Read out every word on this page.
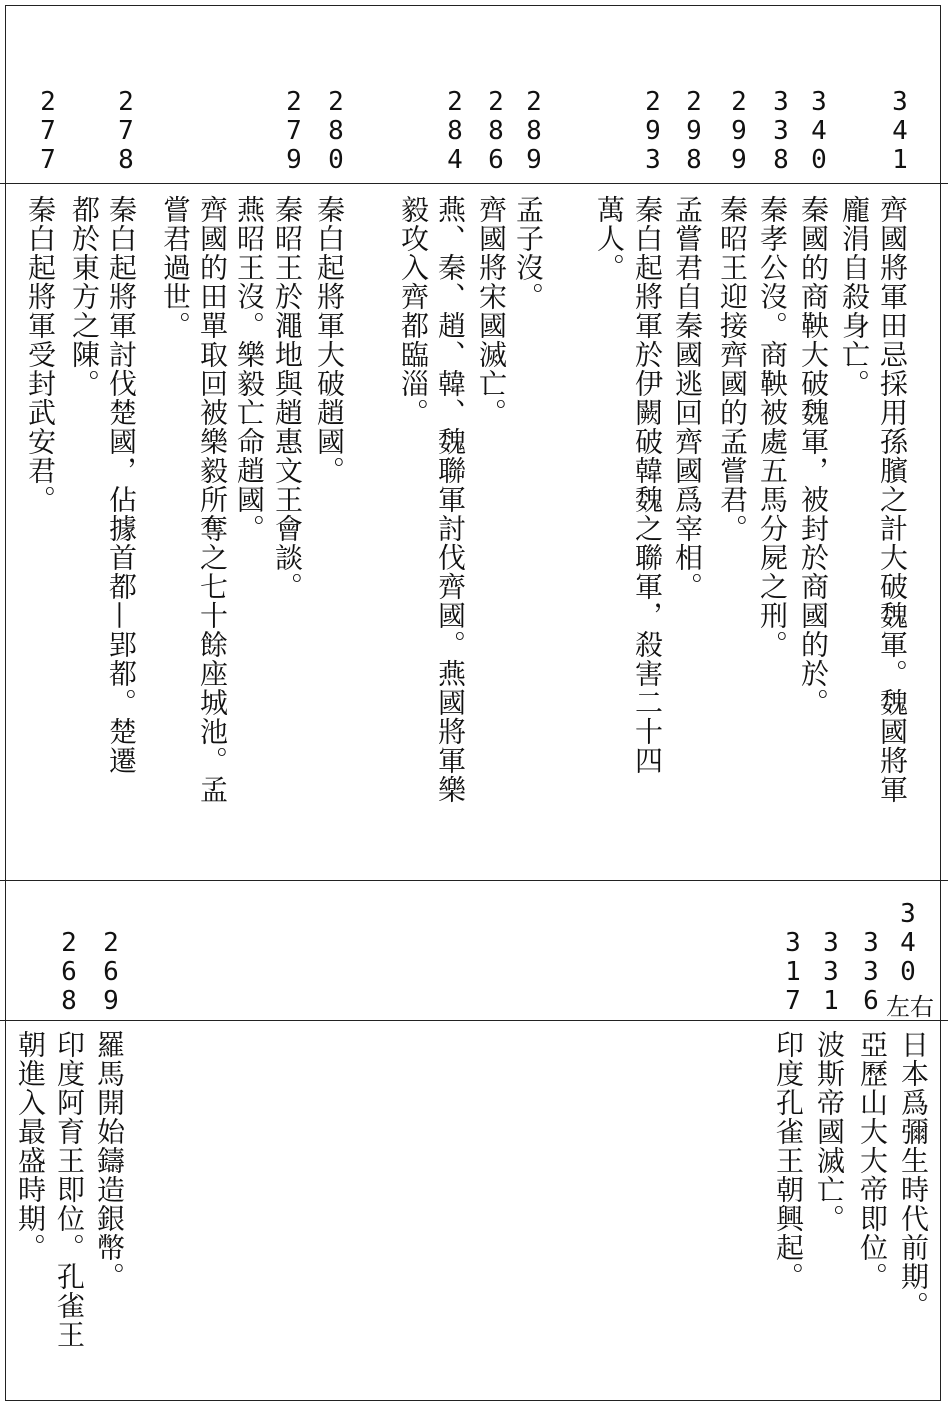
3
4
1
3
4
0
3
3
8
2
9
9
2
9
8
2
9
3
2
8
9
2
8
6
2
8
4
2
8
0
2
7
9
2
7
8
2
7
7
齊國將軍田忌採用孫臏之計大破魏軍。魏國將軍
龐涓自殺身亡。
秦國的商鞅大破魏軍，被封於商國的於。
秦孝公沒。商鞅被處五馬分屍之刑。
秦昭王迎接齊國的孟嘗君。
孟嘗君自秦國逃回齊國爲宰相。
秦白起將軍於伊闕破韓魏之聯軍，殺害二十四
萬人。
孟子沒。
齊國將宋國滅亡。
燕、秦、趙、韓、魏聯軍討伐齊國。燕國將軍樂
毅攻入齊都臨淄。
秦白起將軍大破趙國。
秦昭王於澠地與趙惠文王會談。
燕昭王沒。樂毅亡命趙國。
齊國的田單取回被樂毅所奪之七十餘座城池。孟
嘗君過世。
秦白起將軍討伐楚國，佔據首都—郢都。楚遷
都於東方之陳。
秦白起將軍受封武安君。
3
4
0
左右
3
3
6
3
3
1
3
1
7
2
6
9
2
6
8
日本爲彌生時代前期。
亞歷山大大帝即位。
波斯帝國滅亡。
印度孔雀王朝興起。
羅馬開始鑄造銀幣。
印度阿育王即位。孔雀王
朝進入最盛時期。
